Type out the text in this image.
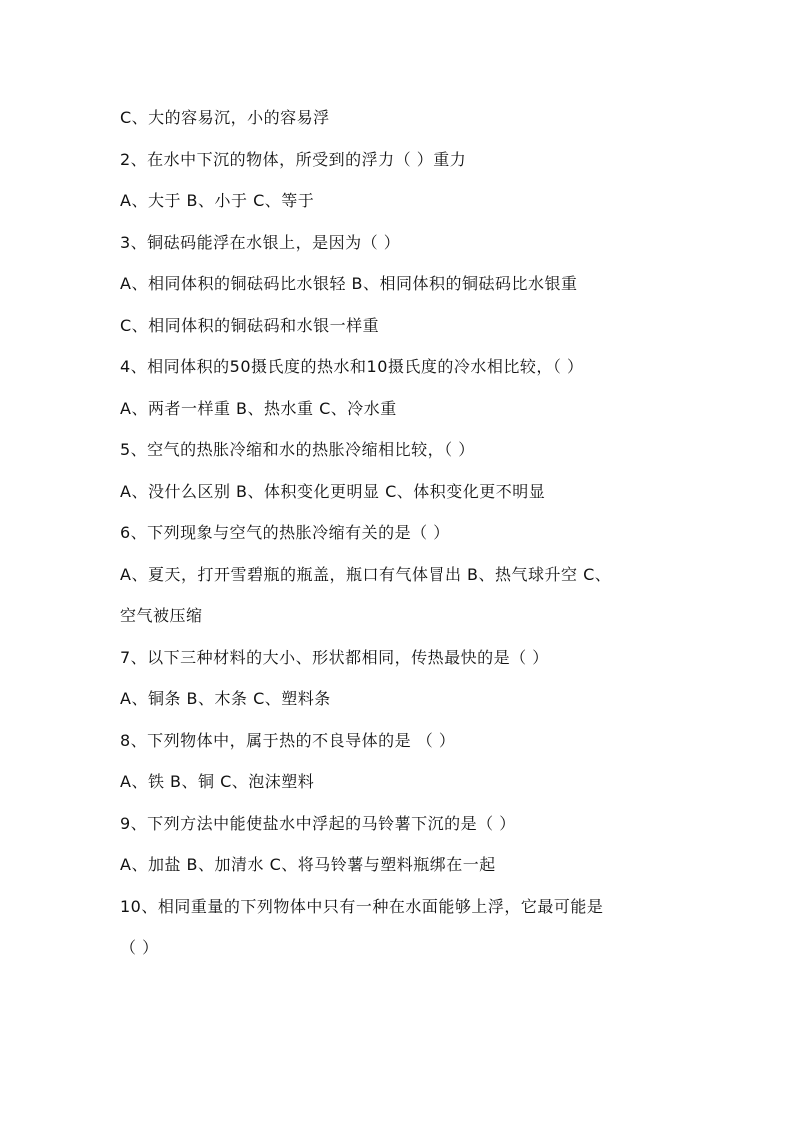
C、大的容易沉，小的容易浮
2、在水中下沉的物体，所受到的浮力（ ）重力
A、大于 B、小于 C、等于
3、铜砝码能浮在水银上，是因为（ ）
A、相同体积的铜砝码比水银轻 B、相同体积的铜砝码比水银重
C、相同体积的铜砝码和水银一样重
4、相同体积的50摄氏度的热水和10摄氏度的冷水相比较，（ ）
A、两者一样重 B、热水重 C、冷水重
5、空气的热胀冷缩和水的热胀冷缩相比较，（ ）
A、没什么区别 B、体积变化更明显 C、体积变化更不明显
6、下列现象与空气的热胀冷缩有关的是（ ）
A、夏天，打开雪碧瓶的瓶盖，瓶口有气体冒出 B、热气球升空 C、
空气被压缩
7、以下三种材料的大小、形状都相同，传热最快的是（ ）
A、铜条 B、木条 C、塑料条
8、下列物体中，属于热的不良导体的是 （ ）
A、铁 B、铜 C、泡沫塑料
9、下列方法中能使盐水中浮起的马铃薯下沉的是（ ）
A、加盐 B、加清水 C、将马铃薯与塑料瓶绑在一起
10、相同重量的下列物体中只有一种在水面能够上浮，它最可能是
（ ）
